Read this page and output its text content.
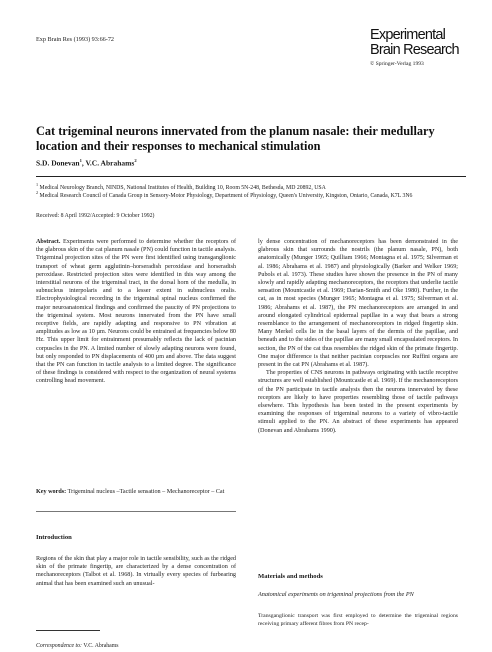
Exp Brain Res (1993) 93:66-72	Experimental
Brain Research
© Springer-Verlag 1993
Cat trigeminal neurons innervated from the planum nasale: their medullary location and their responses to mechanical stimulation
S.D. Donevan$^1$, V.C. Abrahams$^2$
$^1$ Medical Neurology Branch, NINDS, National Institutes of Health, Building 10, Room 5N-248, Bethesda, MD 20892, USA
$^2$ Medical Research Council of Canada Group in Sensory-Motor Physiology, Department of Physiology, Queen's University, Kingston, Ontario, Canada, K7L 3N6
Received: 8 April 1992/Accepted: 9 October 1992)

Abstract. Experiments were performed to determine whether the receptors of the glabrous skin of the cat planum nasale (PN) could function in tactile analysis. Trigeminal projection sites of the PN were first identified using transganglionic transport of wheat germ agglutinin–horseradish peroxidase and horseradish peroxidase. Restricted projection sites were identified in this way among the interstitial neurons of the trigeminal tract, in the dorsal horn of the medulla, in subnucleus interpolaris and to a lesser extent in subnucleus oralis. Electrophysiological recording in the trigeminal spinal nucleus confirmed the major neuroanatomical findings and confirmed the paucity of PN projections to the trigeminal system. Most neurons innervated from the PN have small receptive fields, are rapidly adapting and responsive to PN vibration at amplitudes as low as 10 µm. Neurons could be entrained at frequencies below 80 Hz. This upper limit for entrainment presumably reflects the lack of pacinian corpuscles in the PN. A limited number of slowly adapting neurons were found, but only responded to PN displacements of 400 µm and above. The data suggest that the PN can function in tactile analysis to a limited degree. The significance of these findings is considered with respect to the organization of neural systems controlling head movement.

Key words: Trigeminal nucleus –Tactile sensation – Mechanoreceptor – Cat

Introduction

Regions of the skin that play a major role in tactile sensibility, such as the ridged skin of the primate fingertip, are characterized by a dense concentration of mechanoreceptors (Talbot et al. 1968). In virtually every species of furbearing animal that has been examined such an unusual-

Correspondence to: V.C. Abrahams

ly dense concentration of mechanoreceptors has been demonstrated in the glabrous skin that surrounds the nostrils (the planum nasale, PN), both anatomically (Munger 1965; Quilliam 1966; Montagna et al. 1975; Silverman et al. 1986; Abrahams et al. 1987) and physiologically (Barker and Welker 1969; Pubols et al. 1973). These studies have shown the presence in the PN of many slowly and rapidly adapting mechanoreceptors, the receptors that underlie tactile sensation (Mountcastle et al. 1969; Darian-Smith and Oke 1980). Further, in the cat, as in most species (Munger 1965; Montagna et al. 1975; Silverman et al. 1986; Abrahams et al. 1987), the PN mechanoreceptors are arranged in and around elongated cylindrical epidermal papillae in a way that bears a strong resemblance to the arrangement of mechanoreceptors in ridged fingertip skin. Many Merkel cells lie in the basal layers of the dermis of the papillae, and beneath and to the sides of the papillae are many small encapsulated receptors. In section, the PN of the cat thus resembles the ridged skin of the primate fingertip. One major difference is that neither pacinian corpuscles nor Ruffini organs are present in the cat PN (Abrahams et al. 1987).

The properties of CNS neurons in pathways originating with tactile receptive structures are well established (Mountcastle et al. 1969). If the mechanoreceptors of the PN participate in tactile analysis then the neurons innervated by these receptors are likely to have properties resembling those of tactile pathways elsewhere. This hypothesis has been tested in the present experiments by examining the responses of trigeminal neurons to a variety of vibro-tactile stimuli applied to the PN. An abstract of these experiments has appeared (Donevan and Abrahams 1990).

Materials and methods
Anatomical experiments on trigeminal projections from the PN
Transganglionic transport was first employed to determine the trigeminal regions receiving primary afferent fibres from PN recep-
